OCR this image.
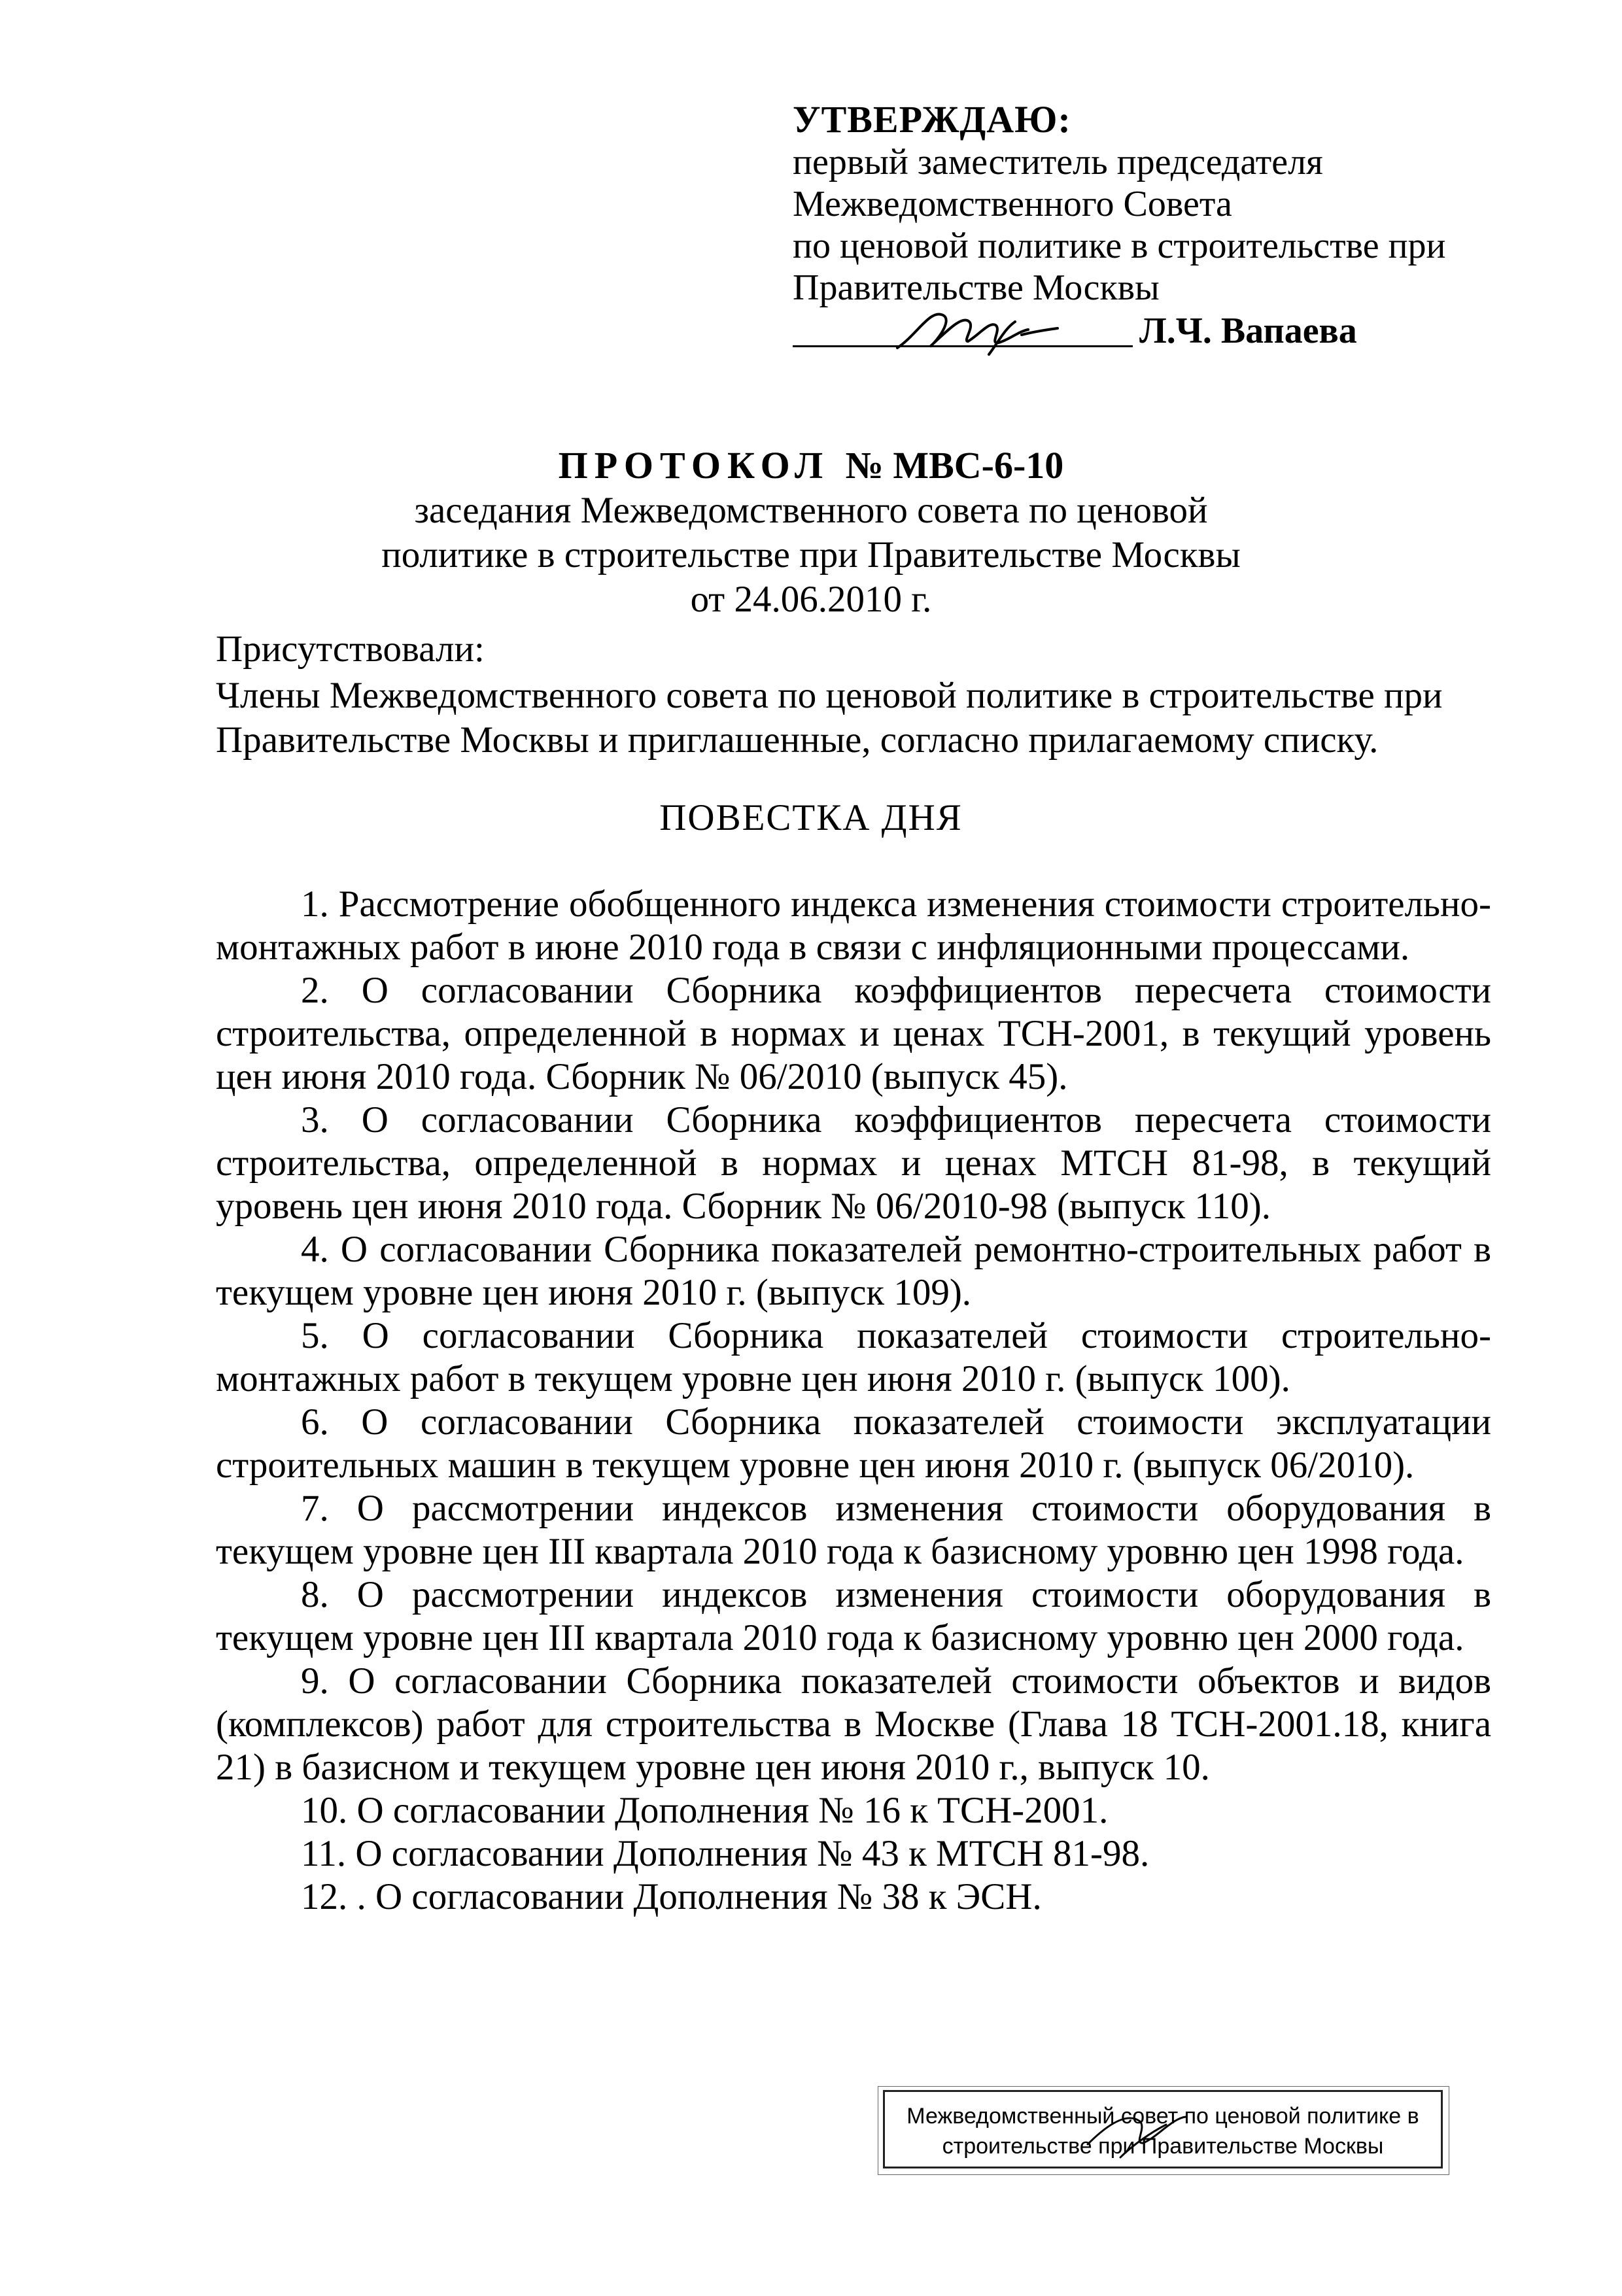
УТВЕРЖДАЮ:
первый заместитель председателя
Межведомственного Совета
по ценовой политике в строительстве при
Правительстве Москвы
Л.Ч. Вапаева
ПРОТОКОЛ № МВС-6-10
заседания Межведомственного совета по ценовой
политике в строительстве при Правительстве Москвы
от 24.06.2010 г.
Присутствовали:
Члены Межведомственного совета по ценовой политике в строительстве при Правительстве Москвы и приглашенные, согласно прилагаемому списку.
ПОВЕСТКА ДНЯ

1. Рассмотрение обобщенного индекса изменения стоимости строительно-монтажных работ в июне 2010 года в связи с инфляционными процессами.

2. О согласовании Сборника коэффициентов пересчета стоимости строительства, определенной в нормах и ценах ТСН-2001, в текущий уровень цен июня 2010 года. Сборник № 06/2010 (выпуск 45).

3. О согласовании Сборника коэффициентов пересчета стоимости строительства, определенной в нормах и ценах МТСН 81-98, в текущий уровень цен июня 2010 года. Сборник № 06/2010-98 (выпуск 110).

4. О согласовании Сборника показателей ремонтно-строительных работ в текущем уровне цен июня 2010 г. (выпуск 109).

5. О согласовании Сборника показателей стоимости строительно-монтажных работ в текущем уровне цен июня 2010 г. (выпуск 100).

6. О согласовании Сборника показателей стоимости эксплуатации строительных машин в текущем уровне цен июня 2010 г. (выпуск 06/2010).

7. О рассмотрении индексов изменения стоимости оборудования в текущем уровне цен III квартала 2010 года к базисному уровню цен 1998 года.

8. О рассмотрении индексов изменения стоимости оборудования в текущем уровне цен III квартала 2010 года к базисному уровню цен 2000 года.

9. О согласовании Сборника показателей стоимости объектов и видов (комплексов) работ для строительства в Москве (Глава 18 ТСН-2001.18, книга 21) в базисном и текущем уровне цен июня 2010 г., выпуск 10.

10. О согласовании Дополнения № 16 к ТСН-2001.

11. О согласовании Дополнения № 43 к МТСН 81-98.

12. . О согласовании Дополнения № 38 к ЭСН.

Межведомственный совет по ценовой политике в
строительстве при Правительстве Москвы
